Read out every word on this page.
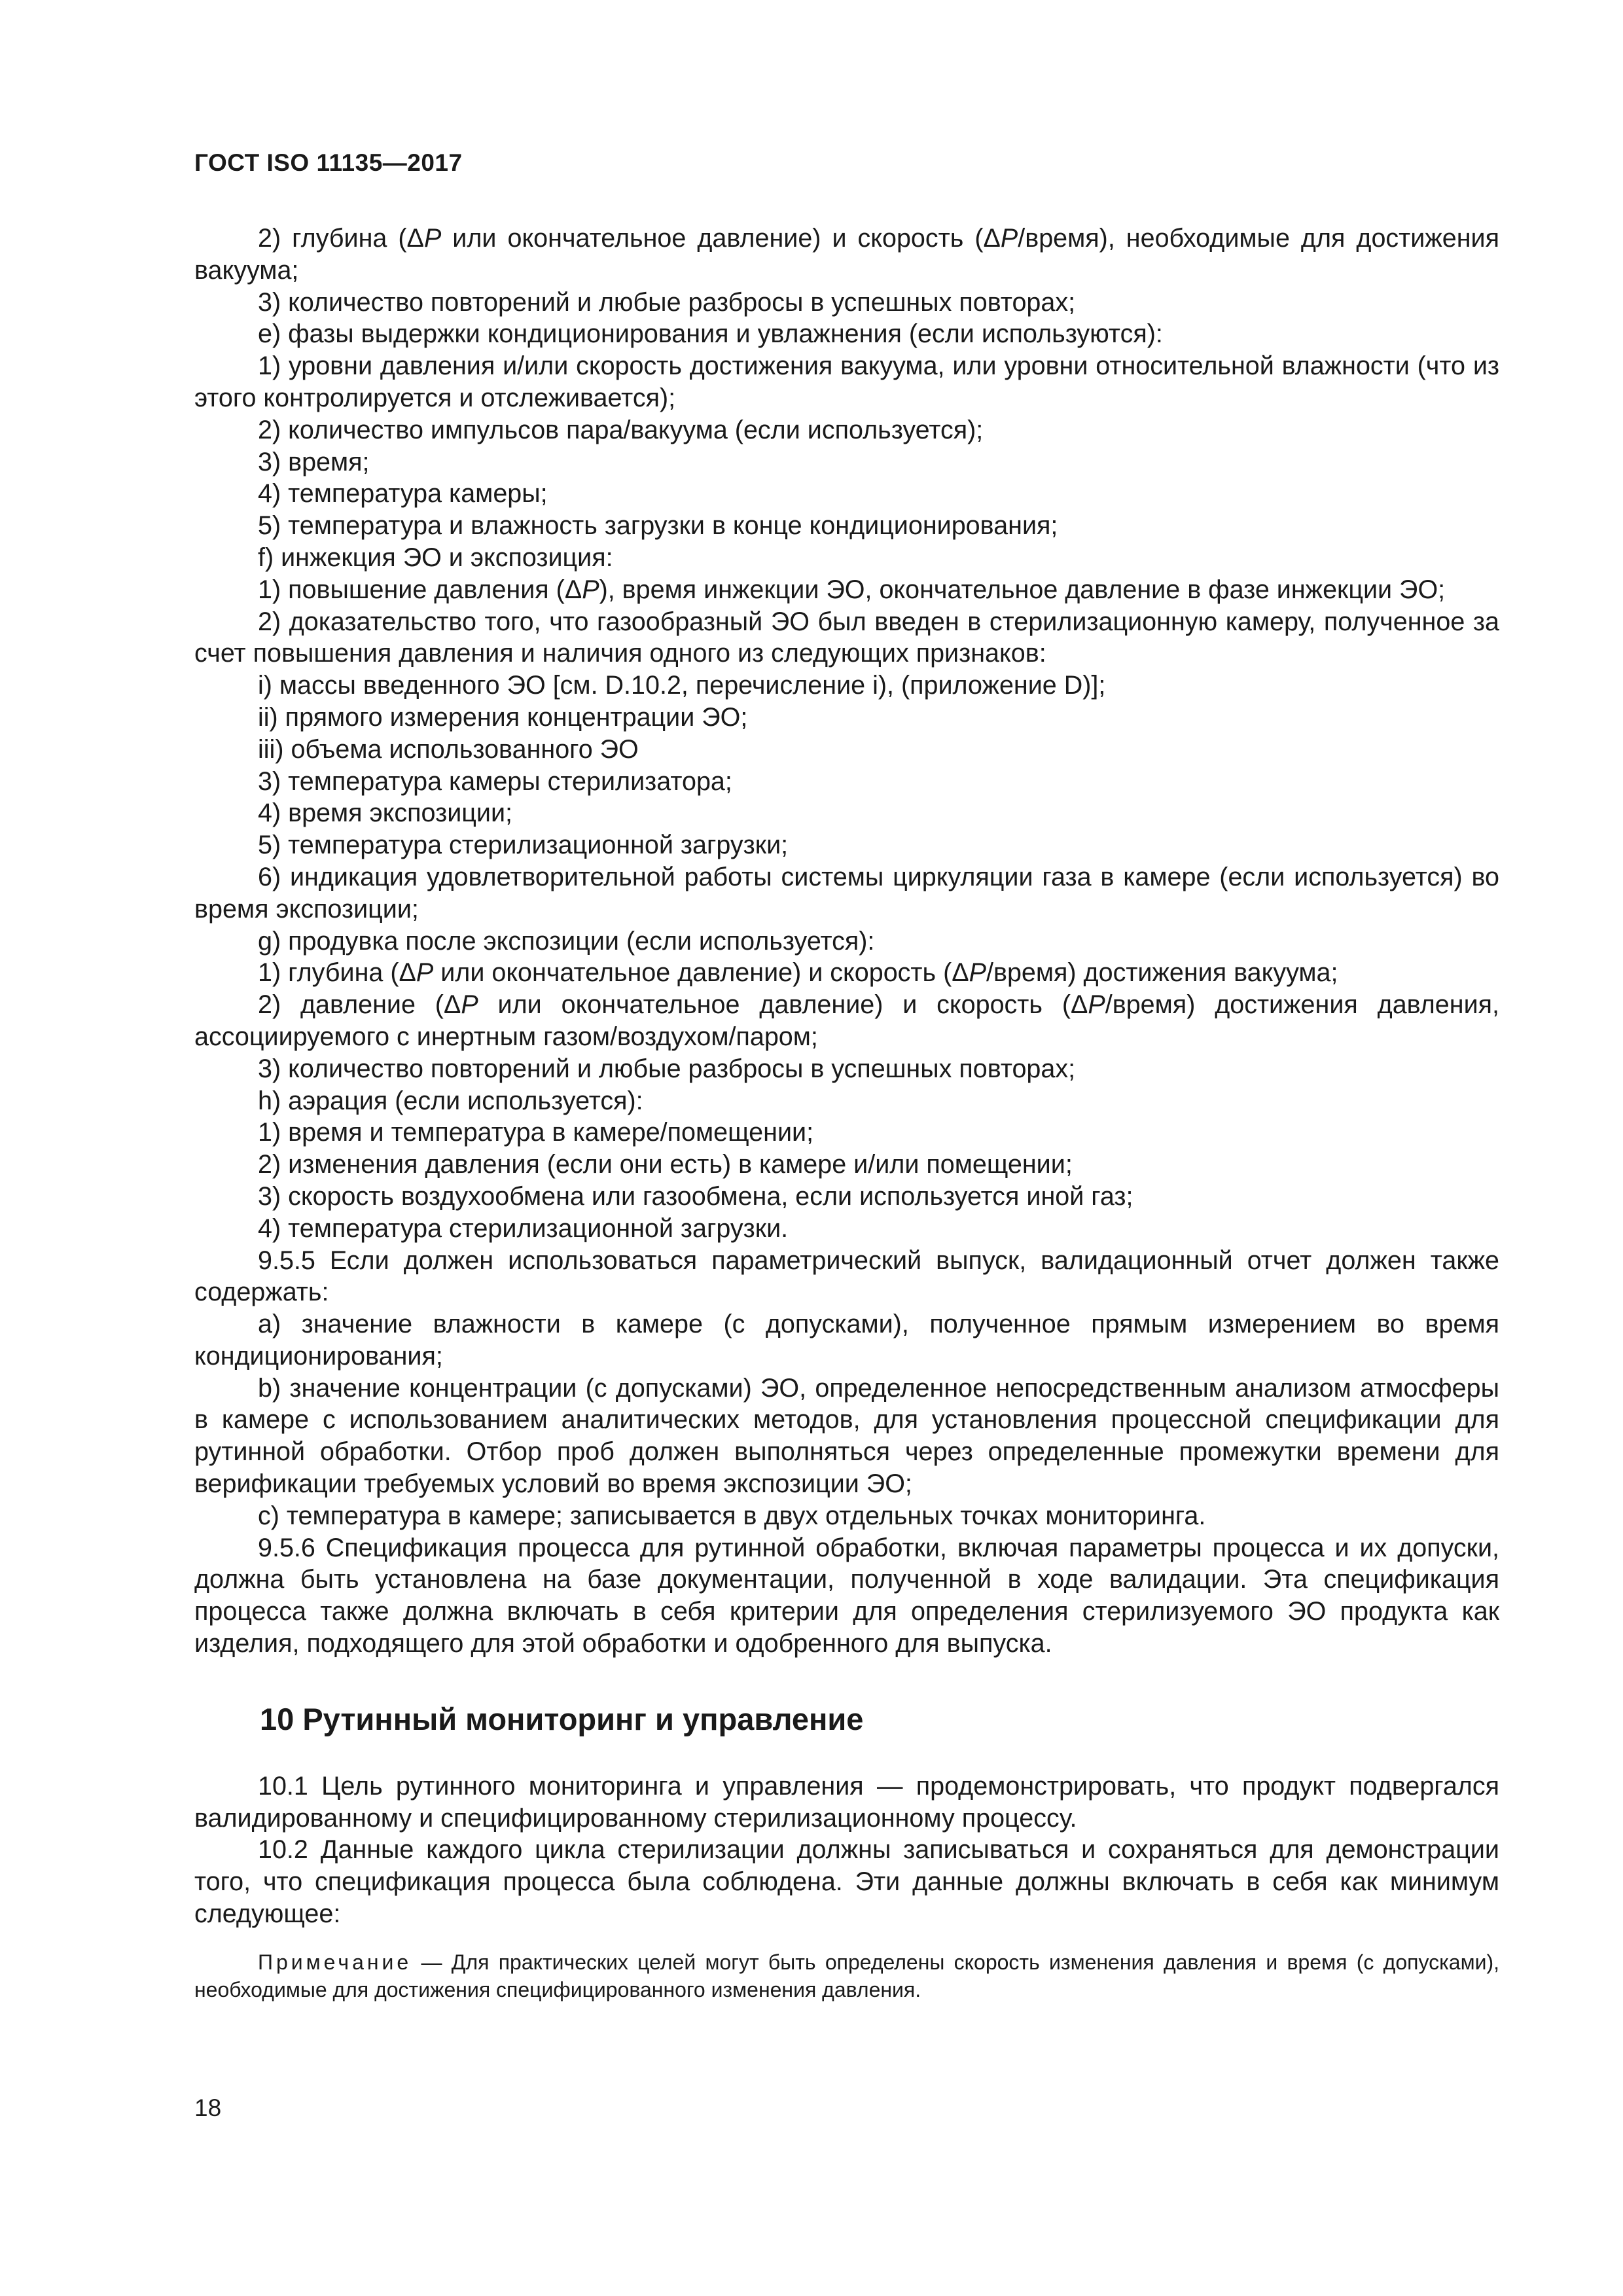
ГОСТ ISO 11135—2017

2) глубина (ΔP или окончательное давление) и скорость (ΔP/время), необходимые для достижения вакуума;

3) количество повторений и любые разбросы в успешных повторах;

е) фазы выдержки кондиционирования и увлажнения (если используются):

1) уровни давления и/или скорость достижения вакуума, или уровни относительной влажности (что из этого контролируется и отслеживается);

2) количество импульсов пара/вакуума (если используется);

3) время;

4) температура камеры;

5) температура и влажность загрузки в конце кондиционирования;

f) инжекция ЭО и экспозиция:

1) повышение давления (ΔP), время инжекции ЭО, окончательное давление в фазе инжекции ЭО;

2) доказательство того, что газообразный ЭО был введен в стерилизационную камеру, полученное за счет повышения давления и наличия одного из следующих признаков:

i) массы введенного ЭО [см. D.10.2, перечисление i), (приложение D)];

ii) прямого измерения концентрации ЭО;

iii) объема использованного ЭО

3) температура камеры стерилизатора;

4) время экспозиции;

5) температура стерилизационной загрузки;

6) индикация удовлетворительной работы системы циркуляции газа в камере (если используется) во время экспозиции;

g) продувка после экспозиции (если используется):

1) глубина (ΔP или окончательное давление) и скорость (ΔP/время) достижения вакуума;

2) давление (ΔP или окончательное давление) и скорость (ΔP/время) достижения давления, ассоциируемого с инертным газом/воздухом/паром;

3) количество повторений и любые разбросы в успешных повторах;

h) аэрация (если используется):

1) время и температура в камере/помещении;

2) изменения давления (если они есть) в камере и/или помещении;

3) скорость воздухообмена или газообмена, если используется иной газ;

4) температура стерилизационной загрузки.

9.5.5 Если должен использоваться параметрический выпуск, валидационный отчет должен также содержать:

а) значение влажности в камере (с допусками), полученное прямым измерением во время кондиционирования;

b) значение концентрации (с допусками) ЭО, определенное непосредственным анализом атмосферы в камере с использованием аналитических методов, для установления процессной спецификации для рутинной обработки. Отбор проб должен выполняться через определенные промежутки времени для верификации требуемых условий во время экспозиции ЭО;

с) температура в камере; записывается в двух отдельных точках мониторинга.

9.5.6 Спецификация процесса для рутинной обработки, включая параметры процесса и их допуски, должна быть установлена на базе документации, полученной в ходе валидации. Эта спецификация процесса также должна включать в себя критерии для определения стерилизуемого ЭО продукта как изделия, подходящего для этой обработки и одобренного для выпуска.

10 Рутинный мониторинг и управление

10.1 Цель рутинного мониторинга и управления — продемонстрировать, что продукт подвергался валидированному и специфицированному стерилизационному процессу.

10.2 Данные каждого цикла стерилизации должны записываться и сохраняться для демонстрации того, что спецификация процесса была соблюдена. Эти данные должны включать в себя как минимум следующее:

Примечание — Для практических целей могут быть определены скорость изменения давления и время (с допусками), необходимые для достижения специфицированного изменения давления.

18
